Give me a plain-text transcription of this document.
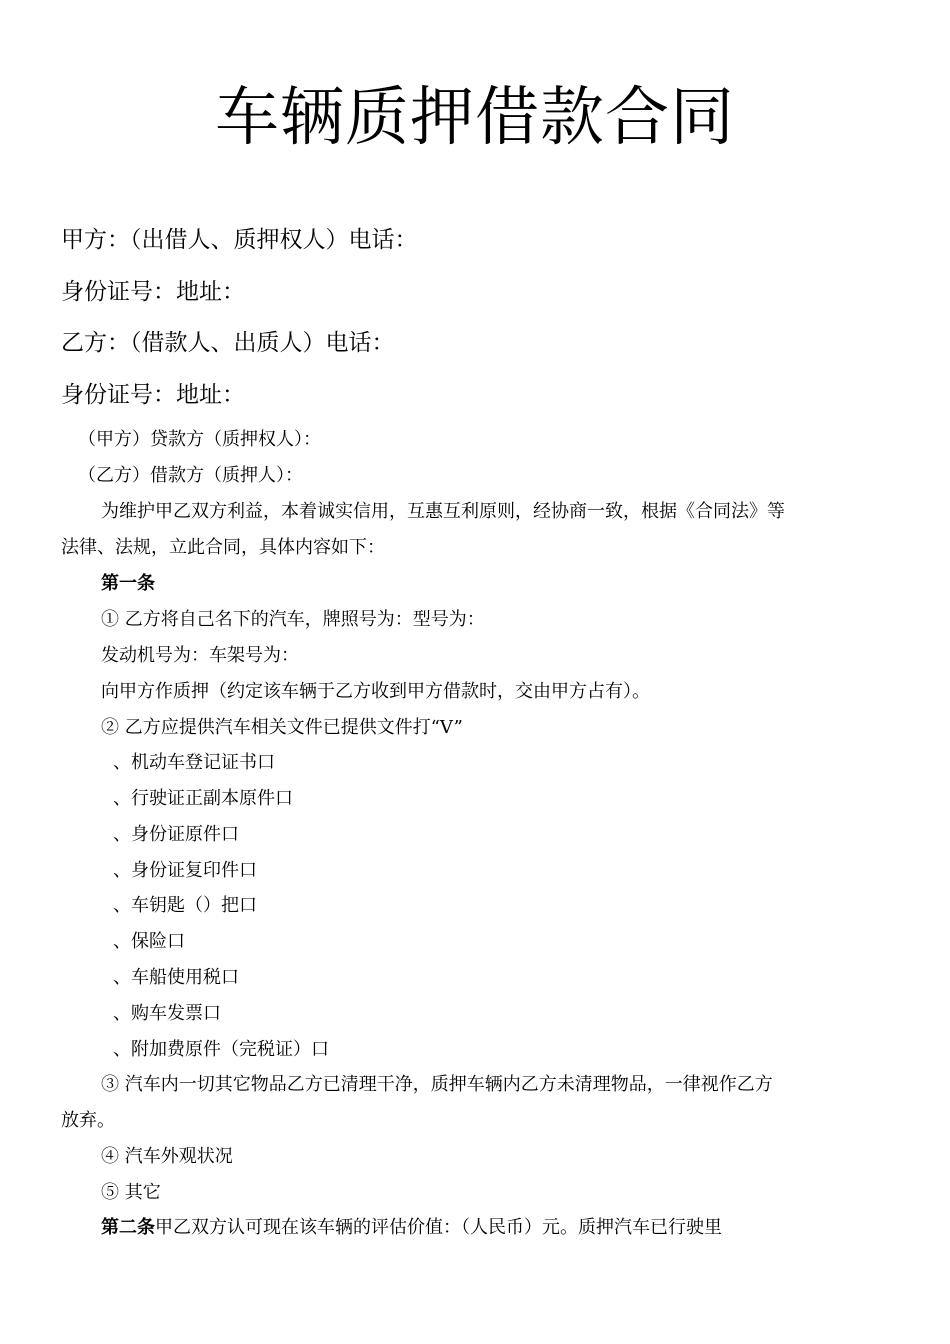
车辆质押借款合同
甲方：（出借人、质押权人）电话：
身份证号：地址：
乙方：（借款人、出质人）电话：
身份证号：地址：
（甲方）贷款方（质押权人）：
（乙方）借款方（质押人）：
为维护甲乙双方利益，本着诚实信用，互惠互利原则，经协商一致，根据《合同法》等
法律、法规，立此合同，具体内容如下：
第一条
① 乙方将自己名下的汽车，牌照号为：型号为：
发动机号为：车架号为：
向甲方作质押（约定该车辆于乙方收到甲方借款时，交由甲方占有）。
② 乙方应提供汽车相关文件已提供文件打“V”
、机动车登记证书口
、行驶证正副本原件口
、身份证原件口
、身份证复印件口
、车钥匙（）把口
、保险口
、车船使用税口
、购车发票口
、附加费原件（完税证）口
③ 汽车内一切其它物品乙方已清理干净，质押车辆内乙方未清理物品，一律视作乙方
放弃。
④ 汽车外观状况
⑤ 其它
第二条甲乙双方认可现在该车辆的评估价值：（人民币）元。质押汽车已行驶里
